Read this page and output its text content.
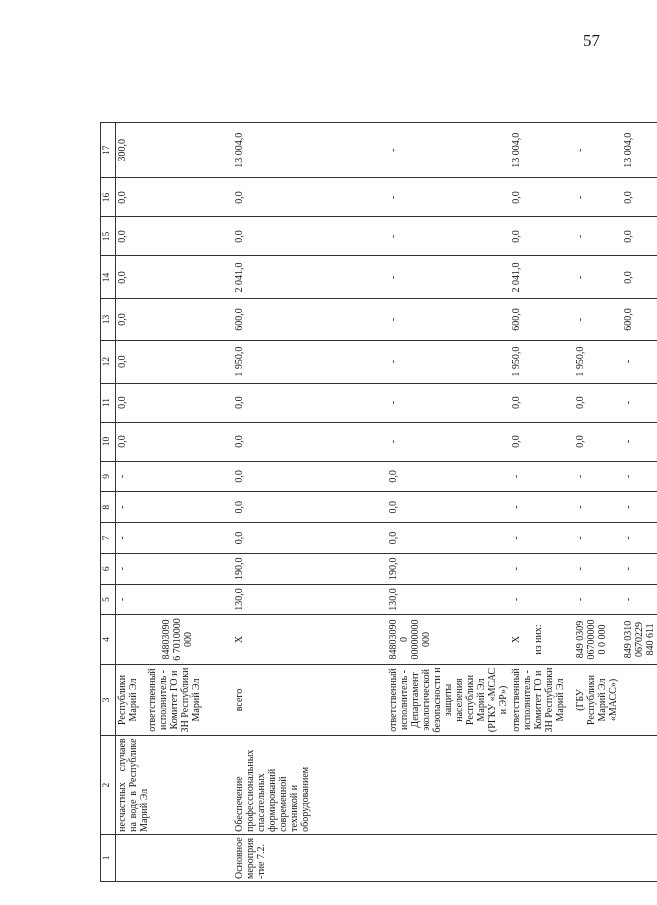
57
1	2	3	4	5	6	7	8	9	10	11	12	13	14	15	16	17
	несчастных случаев на воде в Республике Марий Эл	Республики Марий Эл ответственный исполнитель - Комитет ГО и ЗН Республики Марий Эл	848030906 7010000 000	-	-	-	-	-	0,0	0,0	0,0	0,0	0,0	0,0	0,0	300,0
Основное мероприя-тие 7.2.	Обеспечение профессиональных спасательных формирований современной техникой и оборудованием	всего	X	130,0	190,0	0,0	0,0	0,0	0,0	0,0	1 950,0	600,0	2 041,0	0,0	0,0	13 004,0
		ответственный исполнитель - Департамент экологической безопасности и защиты населения Республики Марий Эл (РГКУ «МСАС и ЭР»)	848030900 00000000 000	130,0	190,0	0,0	0,0	0,0	-	-	-	-	-	-	-	-
		ответственный исполнитель - Комитет ГО и ЗН Республики Марий Эл	X из них:	-	-	-	-	-	0,0	0,0	1 950,0	600,0	2 041,0	0,0	0,0	13 004,0
		(ГБУ Республики Марий Эл «МАСС»)	849 0309 067000000 0 000	-	-	-	-	-	0,0	0,0	1 950,0	-	-	-	-	-
			849 0310 0670229 840 611	-	-	-	-	-	-	-	-	600,0	0,0	0,0	0,0	13 004,0
